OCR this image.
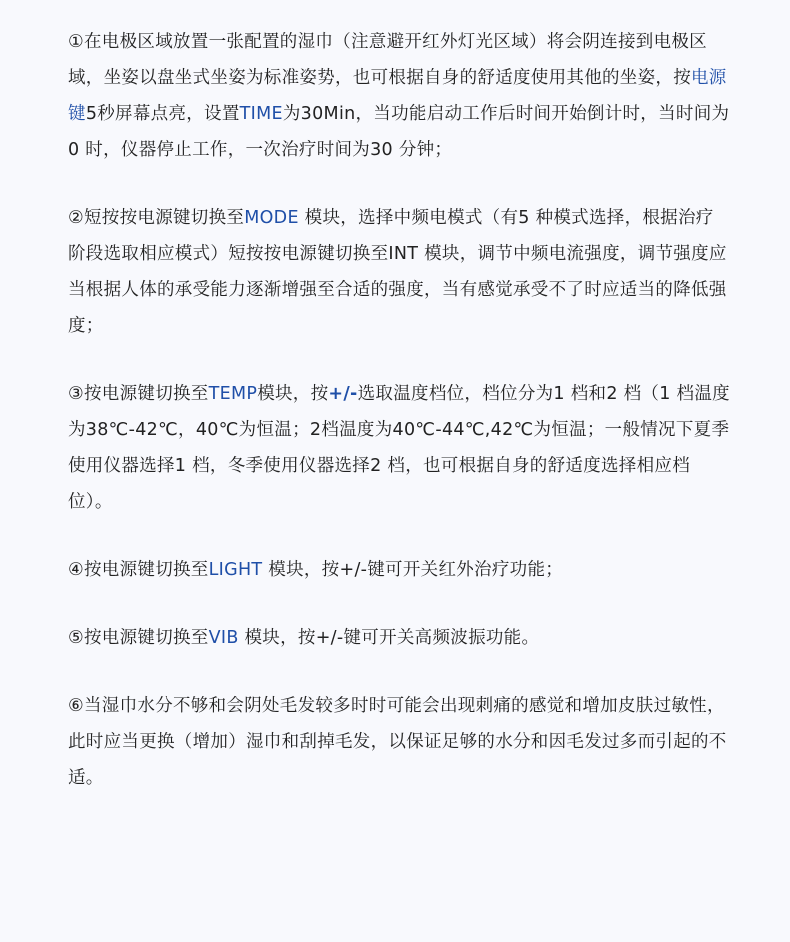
①在电极区域放置一张配置的湿巾（注意避开红外灯光区域）将会阴连接到电极区域，坐姿以盘坐式坐姿为标准姿势，也可根据自身的舒适度使用其他的坐姿，按电源键5秒屏幕点亮，设置TIME为30Min，当功能启动工作后时间开始倒计时，当时间为0 时，仪器停止工作，一次治疗时间为30 分钟；

②短按按电源键切换至MODE 模块，选择中频电模式（有5 种模式选择，根据治疗阶段选取相应模式）短按按电源键切换至INT 模块，调节中频电流强度，调节强度应当根据人体的承受能力逐渐增强至合适的强度，当有感觉承受不了时应适当的降低强度；

③按电源键切换至TEMP模块，按+/-选取温度档位，档位分为1 档和2 档（1 档温度为38℃-42℃，40℃为恒温；2档温度为40℃-44℃,42℃为恒温；一般情况下夏季使用仪器选择1 档，冬季使用仪器选择2 档，也可根据自身的舒适度选择相应档位）。

④按电源键切换至LIGHT 模块，按+/-键可开关红外治疗功能；

⑤按电源键切换至VIB 模块，按+/-键可开关高频波振功能。

⑥当湿巾水分不够和会阴处毛发较多时时可能会出现刺痛的感觉和增加皮肤过敏性，此时应当更换（增加）湿巾和刮掉毛发，以保证足够的水分和因毛发过多而引起的不适。
